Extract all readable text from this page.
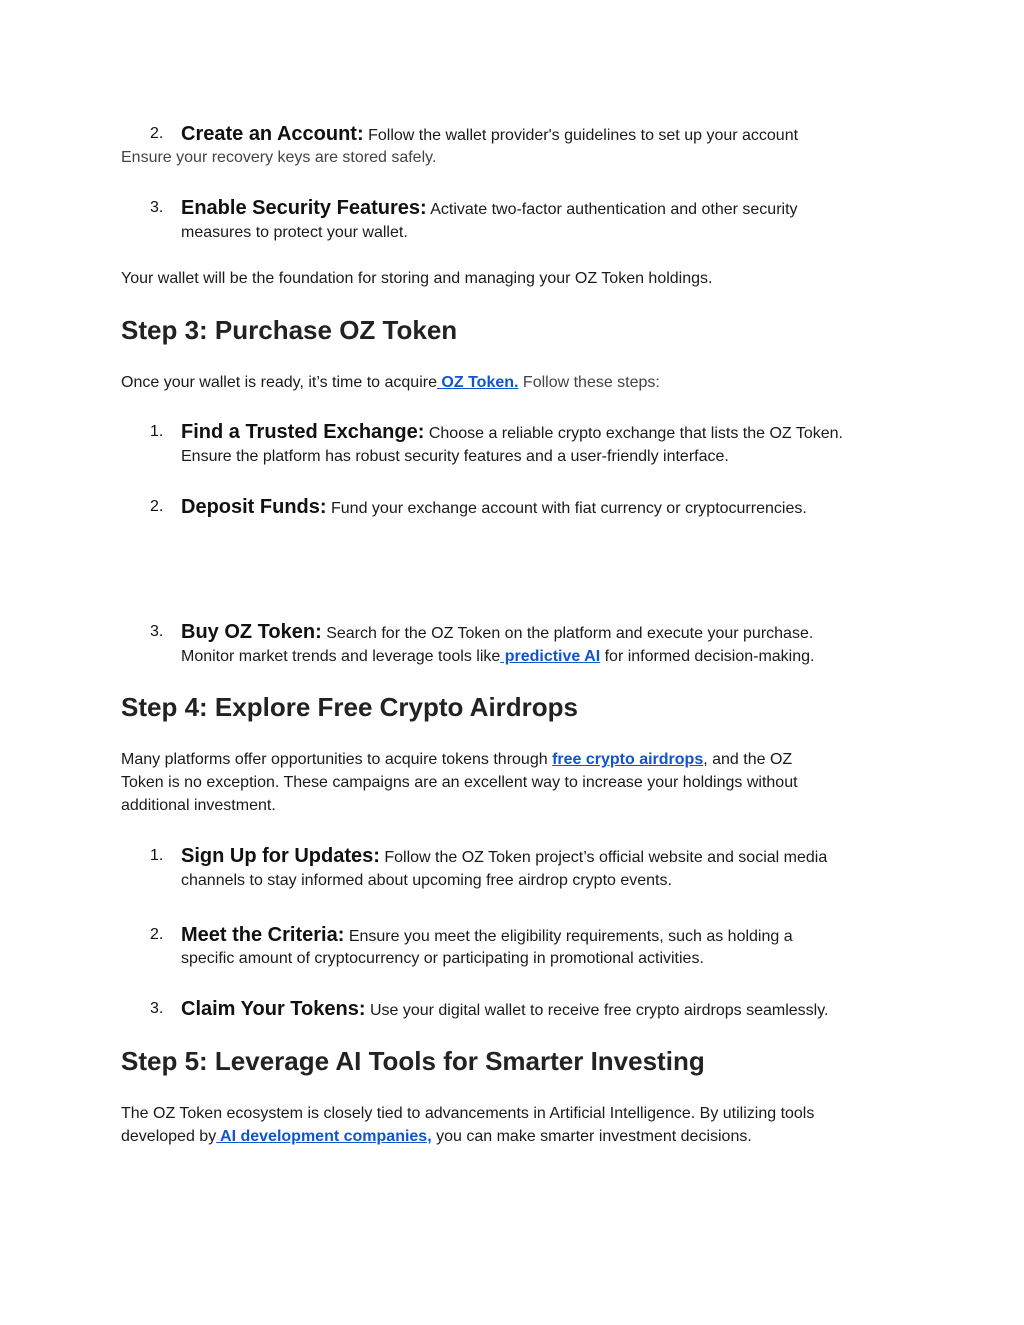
2. Create an Account: Follow the wallet provider's guidelines to set up your account
Ensure your recovery keys are stored safely.
3. Enable Security Features: Activate two-factor authentication and other security
measures to protect your wallet.
Your wallet will be the foundation for storing and managing your OZ Token holdings.
Step 3: Purchase OZ Token
Once your wallet is ready, it’s time to acquire OZ Token. Follow these steps:
1. Find a Trusted Exchange: Choose a reliable crypto exchange that lists the OZ Token.
Ensure the platform has robust security features and a user-friendly interface.
2. Deposit Funds: Fund your exchange account with fiat currency or cryptocurrencies.
3. Buy OZ Token: Search for the OZ Token on the platform and execute your purchase.
Monitor market trends and leverage tools like predictive AI for informed decision-making.
Step 4: Explore Free Crypto Airdrops
Many platforms offer opportunities to acquire tokens through free crypto airdrops, and the OZ
Token is no exception. These campaigns are an excellent way to increase your holdings without
additional investment.
1. Sign Up for Updates: Follow the OZ Token project’s official website and social media
channels to stay informed about upcoming free airdrop crypto events.
2. Meet the Criteria: Ensure you meet the eligibility requirements, such as holding a
specific amount of cryptocurrency or participating in promotional activities.
3. Claim Your Tokens: Use your digital wallet to receive free crypto airdrops seamlessly.
Step 5: Leverage AI Tools for Smarter Investing
The OZ Token ecosystem is closely tied to advancements in Artificial Intelligence. By utilizing tools
developed by AI development companies, you can make smarter investment decisions.
